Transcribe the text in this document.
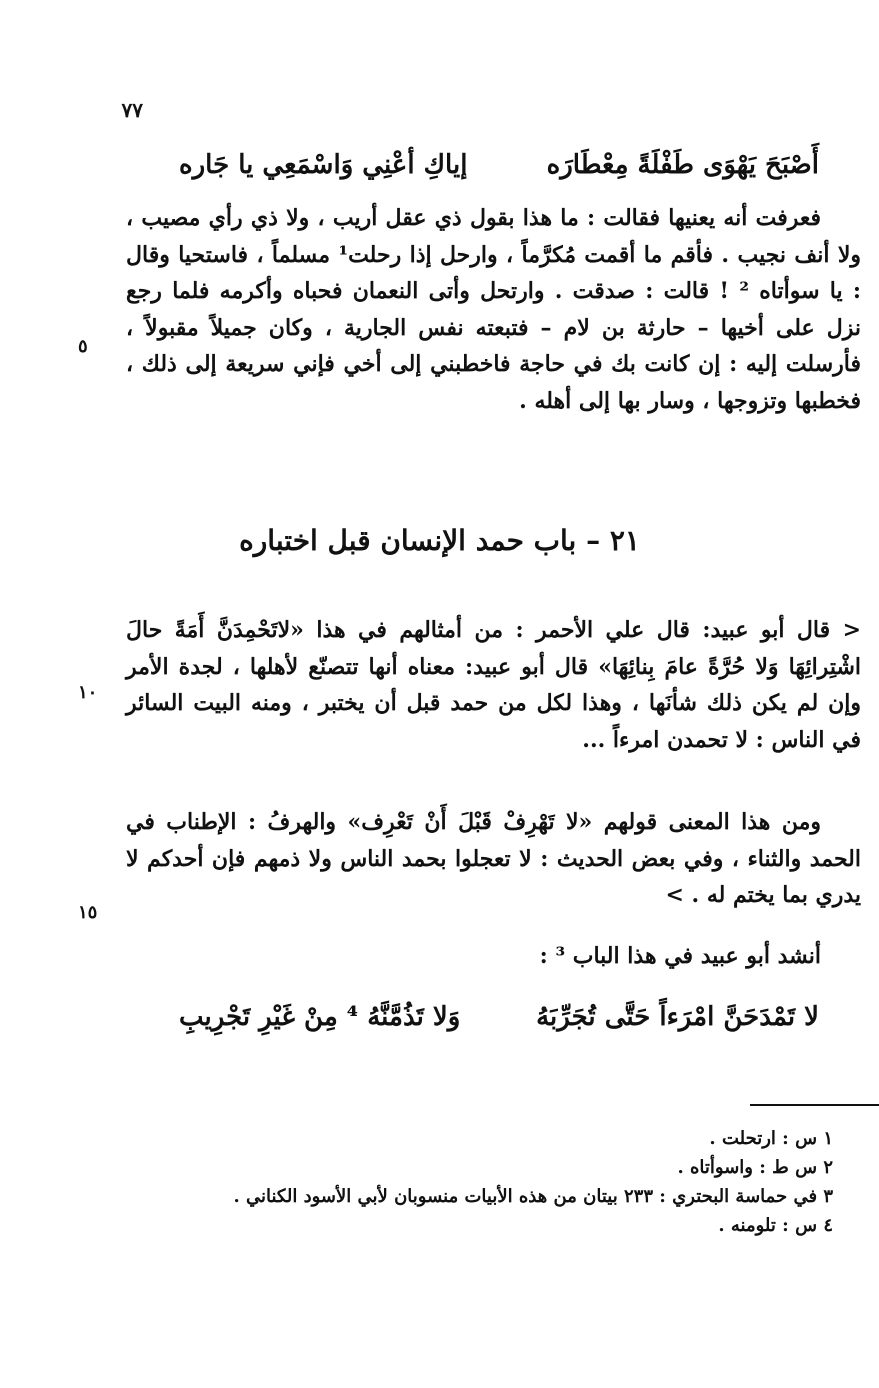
٧٧
أَصْبَحَ يَهْوَى طَفْلَةً مِعْطَارَه
إياكِ أعْنِي وَاسْمَعِي يا جَاره

فعرفت أنه يعنيها فقالت : ما هذا بقول ذي عقل أريب ، ولا ذي رأي مصيب ، ولا أنف نجيب . فأقم ما أقمت مُكرَّماً ، وارحل إذا رحلت¹ مسلماً ، فاستحيا وقال : يا سوأتاه ² ! قالت : صدقت . وارتحل وأتى النعمان فحباه وأكرمه فلما رجع نزل على أخيها – حارثة بن لام – فتبعته نفس الجارية ، وكان جميلاً مقبولاً ، فأرسلت إليه : إن كانت بك في حاجة فاخطبني إلى أخي فإني سريعة إلى ذلك ، فخطبها وتزوجها ، وسار بها إلى أهله .

٥
٢١ – باب حمد الإنسان قبل اختباره

< قال أبو عبيد: قال علي الأحمر : من أمثالهم في هذا «لاتَحْمِدَنَّ أَمَةً حالَ اشْتِرائِهَا وَلا حُرَّةً عامَ بِنائِهَا» قال أبو عبيد: معناه أنها تتصنّع لأهلها ، لجدة الأمر وإن لم يكن ذلك شأنَها ، وهذا لكل من حمد قبل أن يختبر ، ومنه البيت السائر في الناس : لا تحمدن امرءاً ...

١٠

ومن هذا المعنى قولهم «لا تَهْرِفْ قَبْلَ أَنْ تَعْرِف» والهرفُ : الإطناب في الحمد والثناء ، وفي بعض الحديث : لا تعجلوا بحمد الناس ولا ذمهم فإن أحدكم لا يدري بما يختم له . >

١٥

أنشد أبو عبيد في هذا الباب ³ :

لا تَمْدَحَنَّ امْرَءاً حَتَّى تُجَرِّبَهُ
وَلا تَذُمَّنَّهُ ⁴ مِنْ غَيْرِ تَجْرِيبِ
١ س : ارتحلت .
٢ س ط : واسوأتاه .
٣ في حماسة البحتري : ٢٣٣ بيتان من هذه الأبيات منسوبان لأبي الأسود الكناني .
٤ س : تلومنه .
